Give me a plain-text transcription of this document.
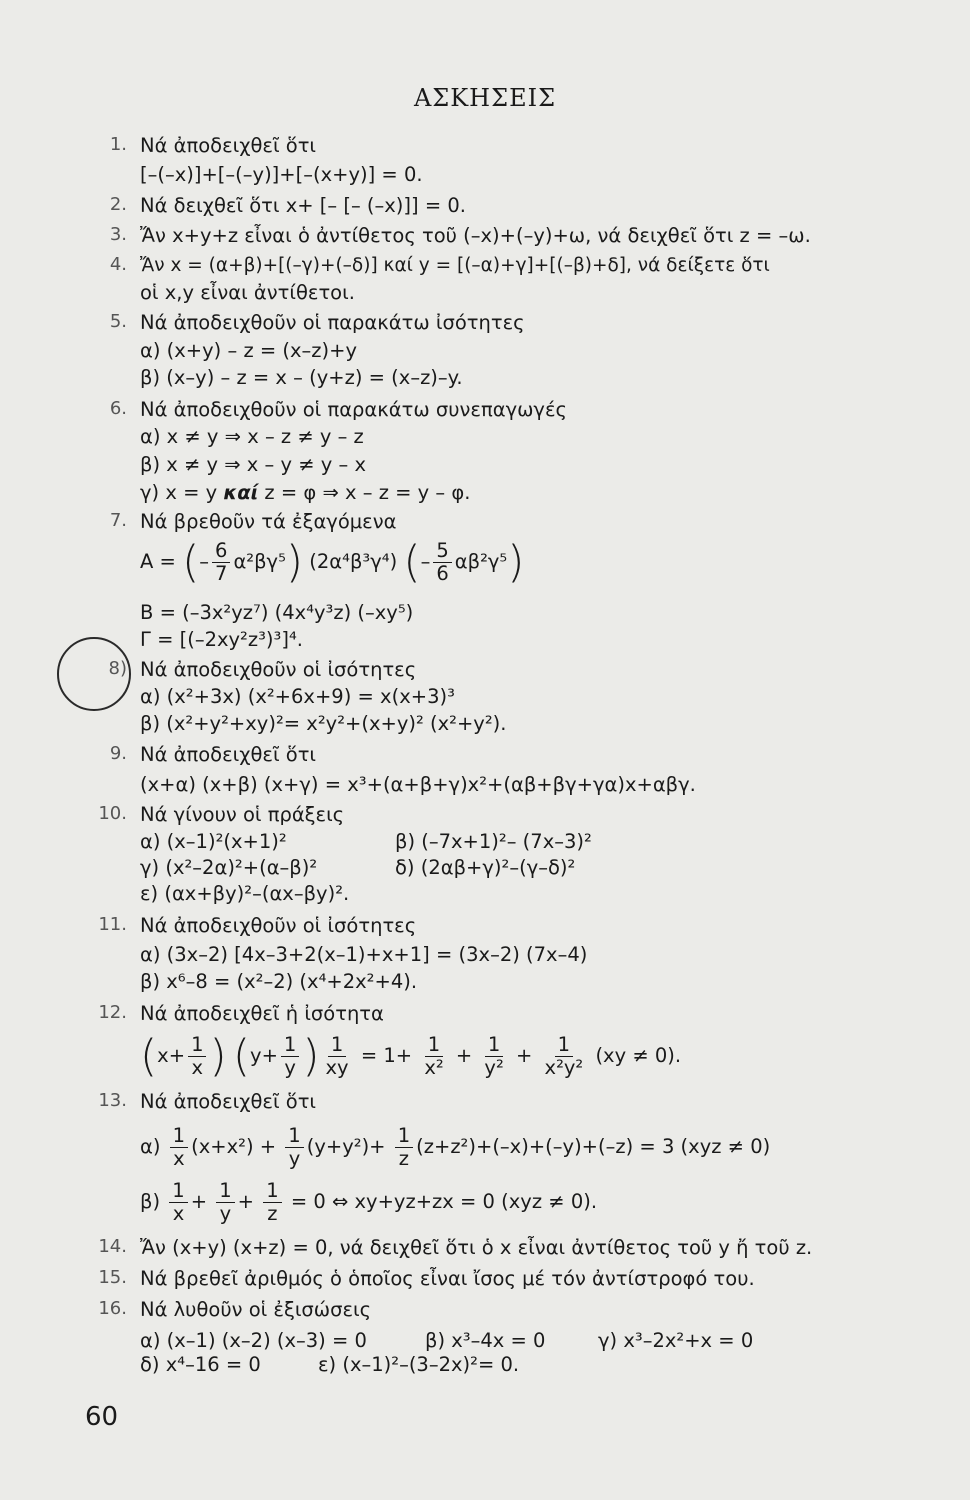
ΑΣΚΗΣΕΙΣ
1. Νά ἀποδειχθεῖ ὅτι
[–(–x)]+[–(–y)]+[–(x+y)] = 0.
2. Νά δειχθεῖ ὅτι x+ [– [– (–x)]] = 0.
3. Ἄν x+y+z εἶναι ὁ ἀντίθετος τοῦ (–x)+(–y)+ω, νά δειχθεῖ ὅτι z = –ω.
4. Ἄν x = (α+β)+[(–γ)+(–δ)] καί y = [(–α)+γ]+[(–β)+δ], νά δείξετε ὅτι
οἱ x,y εἶναι ἀντίθετοι.
5. Νά ἀποδειχθοῦν οἱ παρακάτω ἰσότητες
α) (x+y) – z = (x–z)+y
β) (x–y) – z = x – (y+z) = (x–z)–y.
6. Νά ἀποδειχθοῦν οἱ παρακάτω συνεπαγωγές
α) x ≠ y ⇒ x – z ≠ y – z
β) x ≠ y ⇒ x – y ≠ y – x
γ) x = y καί z = φ ⇒ x – z = y – φ.
7. Νά βρεθοῦν τά ἐξαγόμενα
A = (– $\frac{6}{7} \alpha^2\beta\gamma^5$) (2α⁴β³γ⁴) (– $\frac{5}{6} \alpha\beta^2\gamma^5$)
B = (–3x²yz⁷) (4x⁴y³z) (–xy⁵)
Γ = [(–2xy²z³)³]⁴.
8) Νά ἀποδειχθοῦν οἱ ἰσότητες
α) (x²+3x) (x²+6x+9) = x(x+3)³
β) (x²+y²+xy)²= x²y²+(x+y)² (x²+y²).
9. Νά ἀποδειχθεῖ ὅτι
(x+α) (x+β) (x+γ) = x³+(α+β+γ)x²+(αβ+βγ+γα)x+αβγ.
10. Νά γίνουν οἱ πράξεις
α) (x–1)²(x+1)²	β) (–7x+1)²– (7x–3)²
γ) (x²–2α)²+(α–β)²	δ) (2αβ+γ)²–(γ–δ)²
ε) (αx+βy)²–(αx–βy)².
11. Νά ἀποδειχθοῦν οἱ ἰσότητες
α) (3x–2) [4x–3+2(x–1)+x+1] = (3x–2) (7x–4)
β) x⁶–8 = (x²–2) (x⁴+2x²+4).
12. Νά ἀποδειχθεῖ ἡ ἰσότητα
($x+ \frac{1}{x}$ ) ($y+ \frac{1}{y}$ ) $\frac{1}{xy} = 1+ \frac{1}{\text{x²}} + \frac{1}{\text{y²}} + \frac{1}{\text{x²y²}} (xy \ne 0)$.
13. Νά ἀποδειχθεῖ ὅτι
$\alpha) \frac{1}{x} (x+x^2) + \frac{1}{y} (y+y^2)+ \frac{1}{z} (z+z^2)+(-x)+(-y)+(-z) = 3$ (xyz ≠ 0)
$\beta) \frac{1}{x} + \frac{1}{y} + \frac{1}{z} = 0$ ⇔ xy+yz+zx = 0 (xyz ≠ 0).
14. Ἄν (x+y) (x+z) = 0, νά δειχθεῖ ὅτι ὁ x εἶναι ἀντίθετος τοῦ y ἤ τοῦ z.
15. Νά βρεθεῖ ἀριθμός ὁ ὁποῖος εἶναι ἴσος μέ τόν ἀντίστροφό του.
16. Νά λυθοῦν οἱ ἐξισώσεις
α) (x–1) (x–2) (x–3) = 0	β) x³–4x = 0	γ) x³–2x²+x = 0
δ) x⁴–16 = 0	ε) (x–1)²–(3–2x)²= 0.
60
